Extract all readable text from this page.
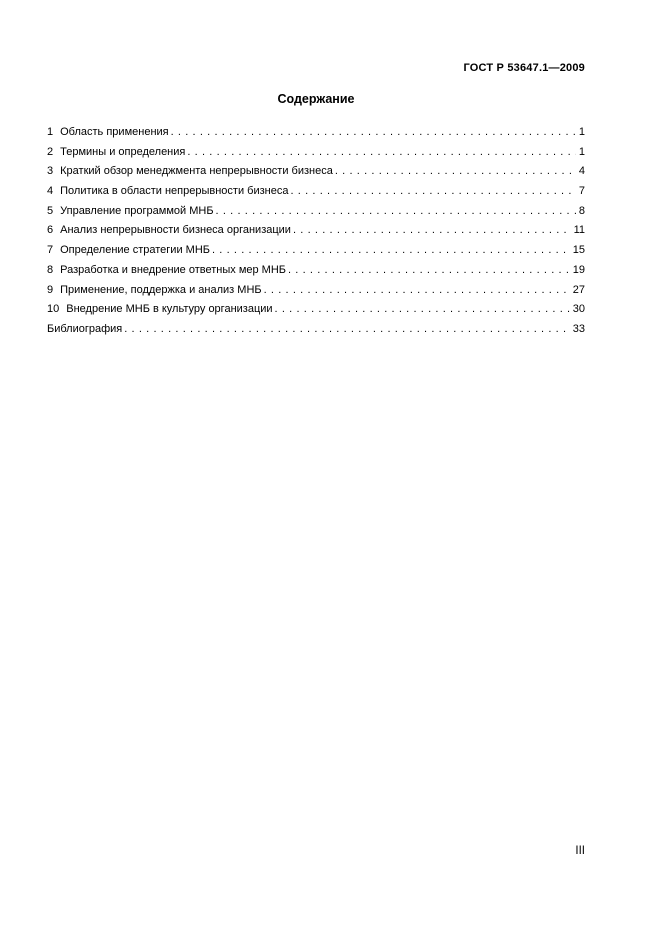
ГОСТ Р 53647.1—2009
Содержание
1 Область применения . . .	1
2 Термины и определения . . .	1
3 Краткий обзор менеджмента непрерывности бизнеса . . .	4
4 Политика в области непрерывности бизнеса . . .	7
5 Управление программой МНБ . . .	8
6 Анализ непрерывности бизнеса организации . . .	11
7 Определение стратегии МНБ . . .	15
8 Разработка и внедрение ответных мер МНБ . . .	19
9 Применение, поддержка и анализ МНБ . . .	27
10 Внедрение МНБ в культуру организации . . .	30
Библиография . . .	33
III
